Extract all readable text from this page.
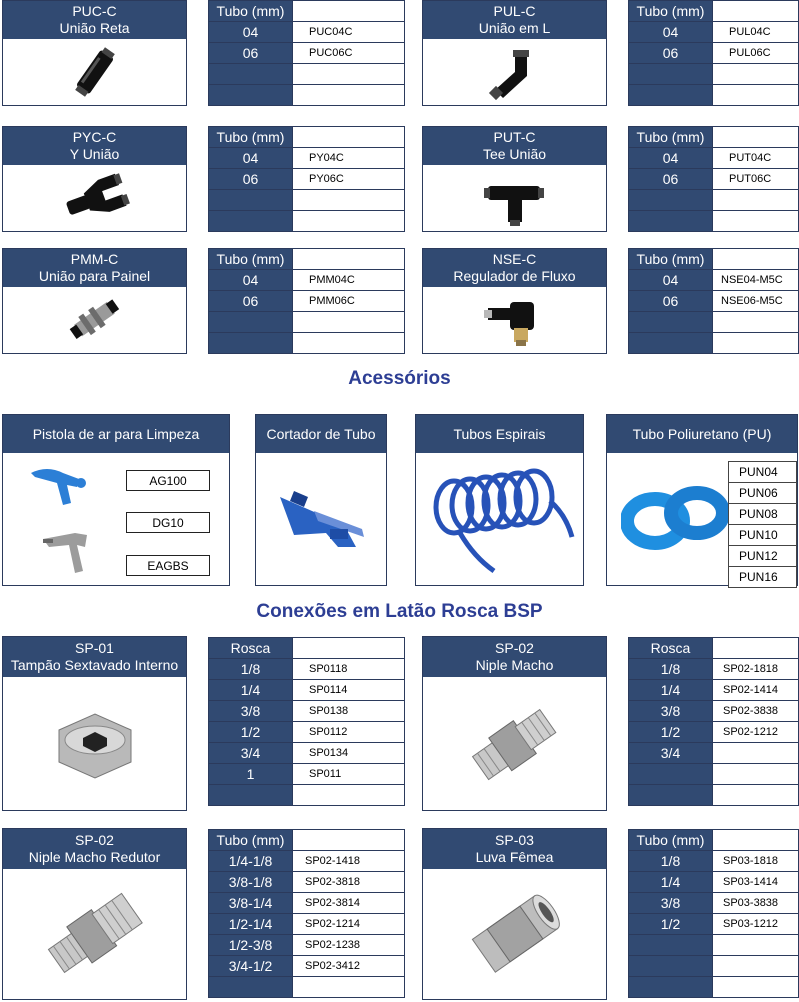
PUC-C
União Reta
Tubo (mm)	
04	PUC04C
06	PUC06C

PUL-C
União em L
Tubo (mm)	
04	PUL04C
06	PUL06C

PYC-C
Y União
Tubo (mm)	
04	PY04C
06	PY06C

PUT-C
Tee União
Tubo (mm)	
04	PUT04C
06	PUT06C

PMM-C
União para Painel
Tubo (mm)	
04	PMM04C
06	PMM06C

NSE-C
Regulador de Fluxo
Tubo (mm)	
04	NSE04-M5C
06	NSE06-M5C

Acessórios
Pistola de ar para Limpeza
AG100
DG10
EAGBS
Cortador de Tubo	Tubos Espirais	Tubo Poliuretano (PU)
PUN04
PUN06
PUN08
PUN10
PUN12
PUN16
Conexões em Latão Rosca BSP
SP-01
Tampão Sextavado Interno
Rosca	
1/8	SP0118
1/4	SP0114
3/8	SP0138
1/2	SP0112
3/4	SP0134
1	SP011

SP-02
Niple Macho
Rosca	
1/8	SP02-1818
1/4	SP02-1414
3/8	SP02-3838
1/2	SP02-1212
3/4	

SP-02
Niple Macho Redutor
Tubo (mm)	
1/4-1/8	SP02-1418
3/8-1/8	SP02-3818
3/8-1/4	SP02-3814
1/2-1/4	SP02-1214
1/2-3/8	SP02-1238
3/4-1/2	SP02-3412

SP-03
Luva Fêmea
Tubo (mm)	
1/8	SP03-1818
1/4	SP03-1414
3/8	SP03-3838
1/2	SP03-1212
